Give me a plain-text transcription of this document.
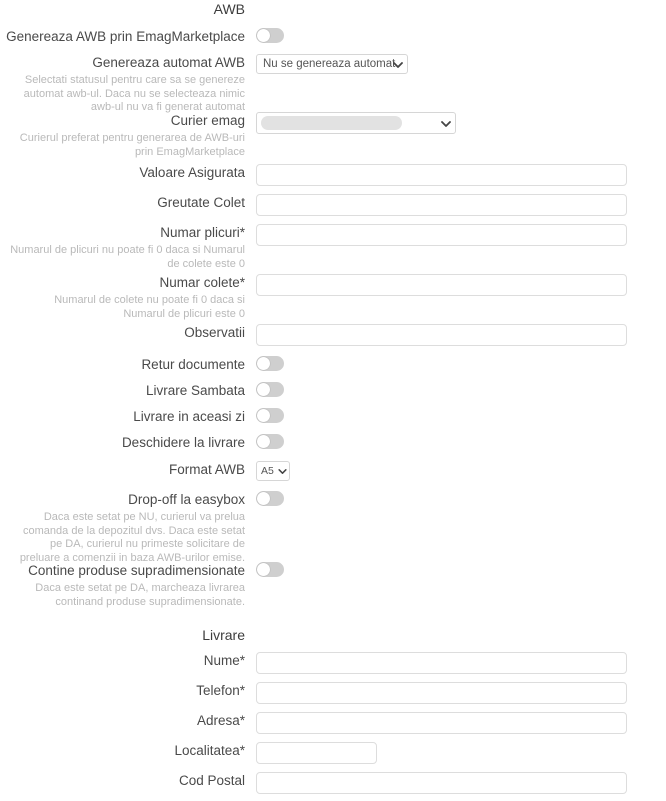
AWB
Genereaza AWB prin EmagMarketplace
Genereaza automat AWB
Selectati statusul pentru care sa se genereze automat awb-ul. Daca nu se selecteaza nimic awb-ul nu va fi generat automat
Nu se genereaza automat
Curier emag
Curierul preferat pentru generarea de AWB-uri prin EmagMarketplace
Valoare Asigurata
Greutate Colet
Numar plicuri*
Numarul de plicuri nu poate fi 0 daca si Numarul de colete este 0
Numar colete*
Numarul de colete nu poate fi 0 daca si Numarul de plicuri este 0
Observatii
Retur documente
Livrare Sambata
Livrare in aceasi zi
Deschidere la livrare
Format AWB A5
Drop-off la easybox
Daca este setat pe NU, curierul va prelua comanda de la depozitul dvs. Daca este setat pe DA, curierul nu primeste solicitare de preluare a comenzii in baza AWB-urilor emise.
Contine produse supradimensionate
Daca este setat pe DA, marcheaza livrarea continand produse supradimensionate.
Livrare
Nume*
Telefon*
Adresa*
Localitatea*
Cod Postal
